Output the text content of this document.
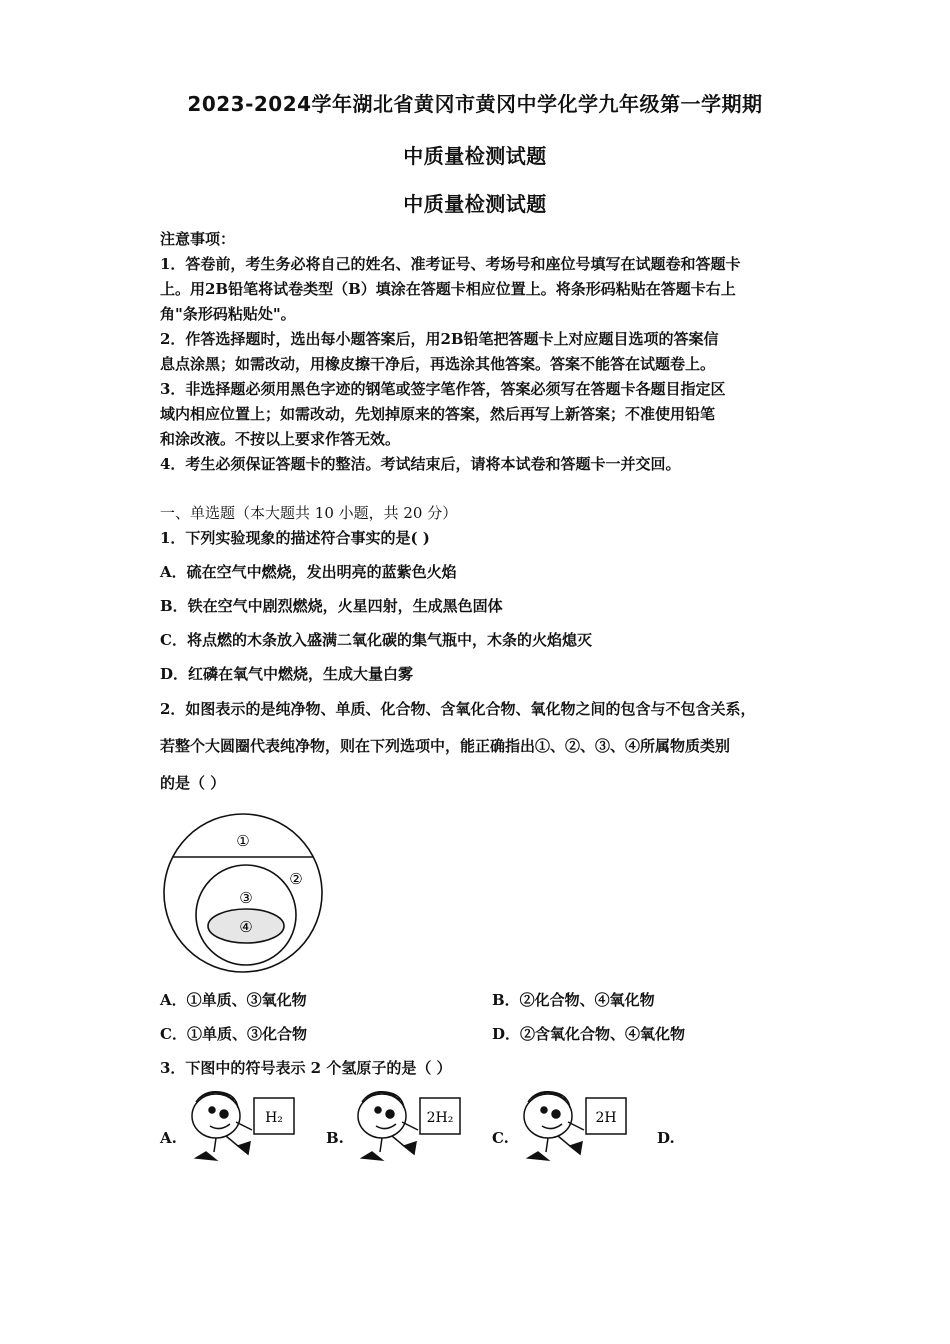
2023-2024学年湖北省黄冈市黄冈中学化学九年级第一学期期
中质量检测试题
中质量检测试题
注意事项：
1．答卷前，考生务必将自己的姓名、准考证号、考场号和座位号填写在试题卷和答题卡
上。用2B铅笔将试卷类型（B）填涂在答题卡相应位置上。将条形码粘贴在答题卡右上
角"条形码粘贴处"。
2．作答选择题时，选出每小题答案后，用2B铅笔把答题卡上对应题目选项的答案信
息点涂黑；如需改动，用橡皮擦干净后，再选涂其他答案。答案不能答在试题卷上。
3．非选择题必须用黑色字迹的钢笔或签字笔作答，答案必须写在答题卡各题目指定区
域内相应位置上；如需改动，先划掉原来的答案，然后再写上新答案；不准使用铅笔
和涂改液。不按以上要求作答无效。
4．考生必须保证答题卡的整洁。考试结束后，请将本试卷和答题卡一并交回。
一、单选题（本大题共 10 小题，共 20 分）
1．下列实验现象的描述符合事实的是( )
A．硫在空气中燃烧，发出明亮的蓝紫色火焰
B．铁在空气中剧烈燃烧，火星四射，生成黑色固体
C．将点燃的木条放入盛满二氧化碳的集气瓶中，木条的火焰熄灭
D．红磷在氧气中燃烧，生成大量白雾
2．如图表示的是纯净物、单质、化合物、含氧化合物、氧化物之间的包含与不包含关系，
若整个大圆圈代表纯净物，则在下列选项中，能正确指出①、②、③、④所属物质类别
的是（ ）
①
②
③
④
A．①单质、③氧化物	B．②化合物、④氧化物
C．①单质、③化合物	D．②含氧化合物、④氧化物
3．下图中的符号表示 2 个氢原子的是（ ）
A.	B.	C.	D.
H₂	2H₂	2H
